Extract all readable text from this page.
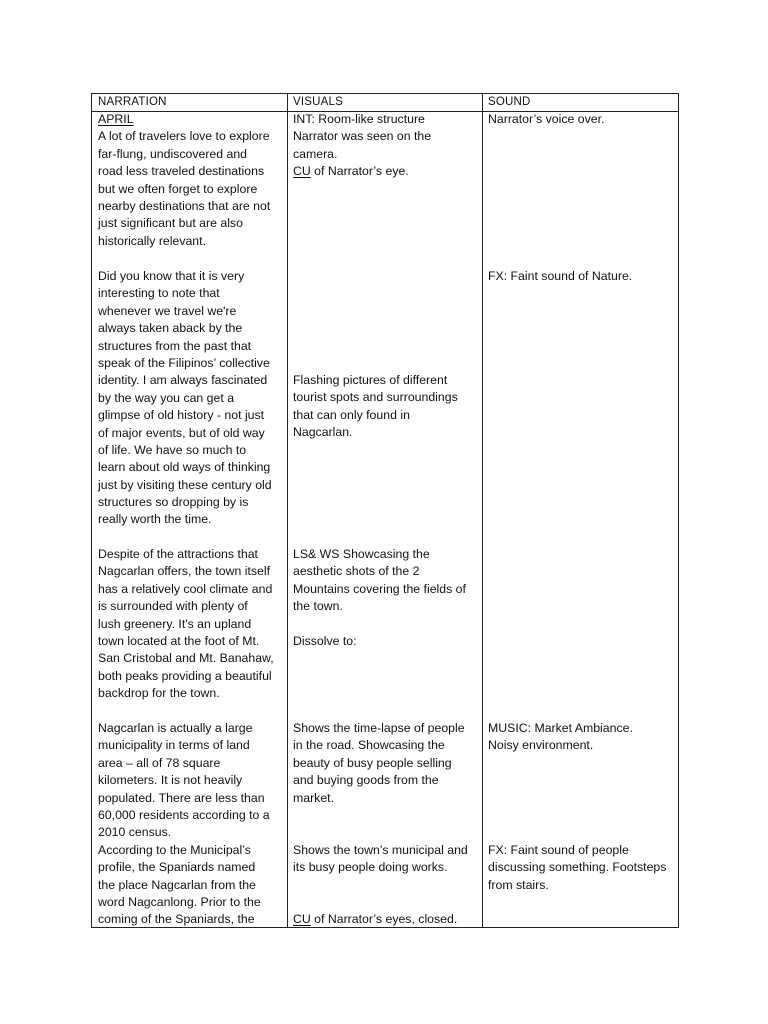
NARRATION	VISUALS	SOUND
APRIL
A lot of travelers love to explore
far-flung, undiscovered and
road less traveled destinations
but we often forget to explore
nearby destinations that are not
just significant but are also
historically relevant.
Did you know that it is very
interesting to note that
whenever we travel we're
always taken aback by the
structures from the past that
speak of the Filipinos’ collective
identity. I am always fascinated
by the way you can get a
glimpse of old history - not just
of major events, but of old way
of life. We have so much to
learn about old ways of thinking
just by visiting these century old
structures so dropping by is
really worth the time.
Despite of the attractions that
Nagcarlan offers, the town itself
has a relatively cool climate and
is surrounded with plenty of
lush greenery. It's an upland
town located at the foot of Mt.
San Cristobal and Mt. Banahaw,
both peaks providing a beautiful
backdrop for the town.
Nagcarlan is actually a large
municipality in terms of land
area – all of 78 square
kilometers. It is not heavily
populated. There are less than
60,000 residents according to a
2010 census.
According to the Municipal’s
profile, the Spaniards named
the place Nagcarlan from the
word Nagcanlong. Prior to the
coming of the Spaniards, the
INT: Room-like structure
Narrator was seen on the
camera.
CU of Narrator’s eye.
Flashing pictures of different
tourist spots and surroundings
that can only found in
Nagcarlan.
LS& WS Showcasing the
aesthetic shots of the 2
Mountains covering the fields of
the town.
Dissolve to:
Shows the time-lapse of people
in the road. Showcasing the
beauty of busy people selling
and buying goods from the
market.
Shows the town’s municipal and
its busy people doing works.
CU of Narrator’s eyes, closed.
Narrator’s voice over.
FX: Faint sound of Nature.
MUSIC: Market Ambiance.
Noisy environment.
FX: Faint sound of people
discussing something. Footsteps
from stairs.
